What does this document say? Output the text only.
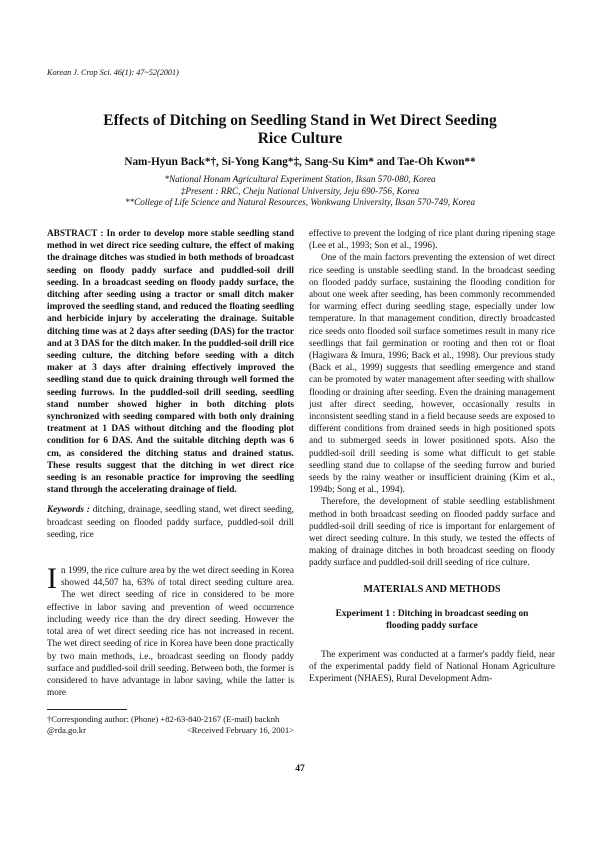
Korean J. Crop Sci. 46(1): 47~52(2001)
Effects of Ditching on Seedling Stand in Wet Direct Seeding
Rice Culture
Nam-Hyun Back*†, Si-Yong Kang*‡, Sang-Su Kim* and Tae-Oh Kwon**
*National Honam Agricultural Experiment Station, Iksan 570-080, Korea
‡Present : RRC, Cheju National University, Jeju 690-756, Korea
**College of Life Science and Natural Resources, Wonkwang University, Iksan 570-749, Korea

ABSTRACT : In order to develop more stable seedling stand method in wet direct rice seeding culture, the effect of making the drainage ditches was studied in both methods of broadcast seeding on floody paddy surface and puddled-soil drill seeding. In a broadcast seeding on floody paddy surface, the ditching after seeding using a tractor or small ditch maker improved the seedling stand, and reduced the floating seedling and herbicide injury by accelerating the drainage. Suitable ditching time was at 2 days after seeding (DAS) for the tractor and at 3 DAS for the ditch maker. In the puddled-soil drill rice seeding culture, the ditching before seeding with a ditch maker at 3 days after draining effectively improved the seedling stand due to quick draining through well formed the seeding furrows. In the puddled-soil drill seeding, seedling stand number showed higher in both ditching plots synchronized with seeding compared with both only draining treatment at 1 DAS without ditching and the flooding plot condition for 6 DAS. And the suitable ditching depth was 6 cm, as considered the ditching status and drained status. These results suggest that the ditching in wet direct rice seeding is an resonable practice for improving the seedling stand through the accelerating drainage of field.

Keywords : ditching, drainage, seedling stand, wet direct seeding, broadcast seeding on flooded paddy surface, puddled-soil drill seeding, rice

In 1999, the rice culture area by the wet direct seeding in Korea showed 44,507 ha, 63% of total direct seeding culture area. The wet direct seeding of rice in considered to be more effective in labor saving and prevention of weed occurrence including weedy rice than the dry direct seeding. However the total area of wet direct seeding rice has not increased in recent. The wet direct seeding of rice in Korea have been done practically by two main methods, i.e., broadcast seeding on floody paddy surface and puddled-soil drill seeding. Between both, the former is considered to have advantage in labor saving, while the latter is more

effective to prevent the lodging of rice plant during ripening stage (Lee et al., 1993; Son et al., 1996).

One of the main factors preventing the extension of wet direct rice seeding is unstable seedling stand. In the broadcast seeding on flooded paddy surface, sustaining the flooding condition for about one week after seeding, has been commonly recommended for warming effect during seedling stage, especially under low temperature. In that management condition, directly broadcasted rice seeds onto flooded soil surface sometimes result in many rice seedlings that fail germination or rooting and then rot or float (Hagiwara & Imura, 1996; Back et al., 1998). Our previous study (Back et al., 1999) suggests that seedling emergence and stand can be promoted by water management after seeding with shallow flooding or draining after seeding. Even the draining management just after direct seeding, however, occasionally results in inconsistent seedling stand in a field because seeds are exposed to different conditions from drained seeds in high positioned spots and to submerged seeds in lower positioned spots. Also the puddled-soil drill seeding is some what difficult to get stable seedling stand due to collapse of the seeding furrow and buried seeds by the rainy weather or insufficient draining (Kim et al., 1994b; Song et al., 1994).

Therefore, the development of stable seedling establishment method in both broadcast seeding on flooded paddy surface and puddled-soil drill seeding of rice is important for enlargement of wet direct seeding culture. In this study, we tested the effects of making of drainage ditches in both broadcast seeding on floody paddy surface and puddled-soil drill seeding of rice culture.

MATERIALS AND METHODS

Experiment 1 : Ditching in broadcast seeding on
flooding paddy surface

The experiment was conducted at a farmer's paddy field, near of the experimental paddy field of National Honam Agriculture Experiment (NHAES), Rural Development Adm-

†Corresponding author: (Phone) +82-63-840-2167 (E-mail) backnh
@rda.go.kr	<Received February 16, 2001>
47
